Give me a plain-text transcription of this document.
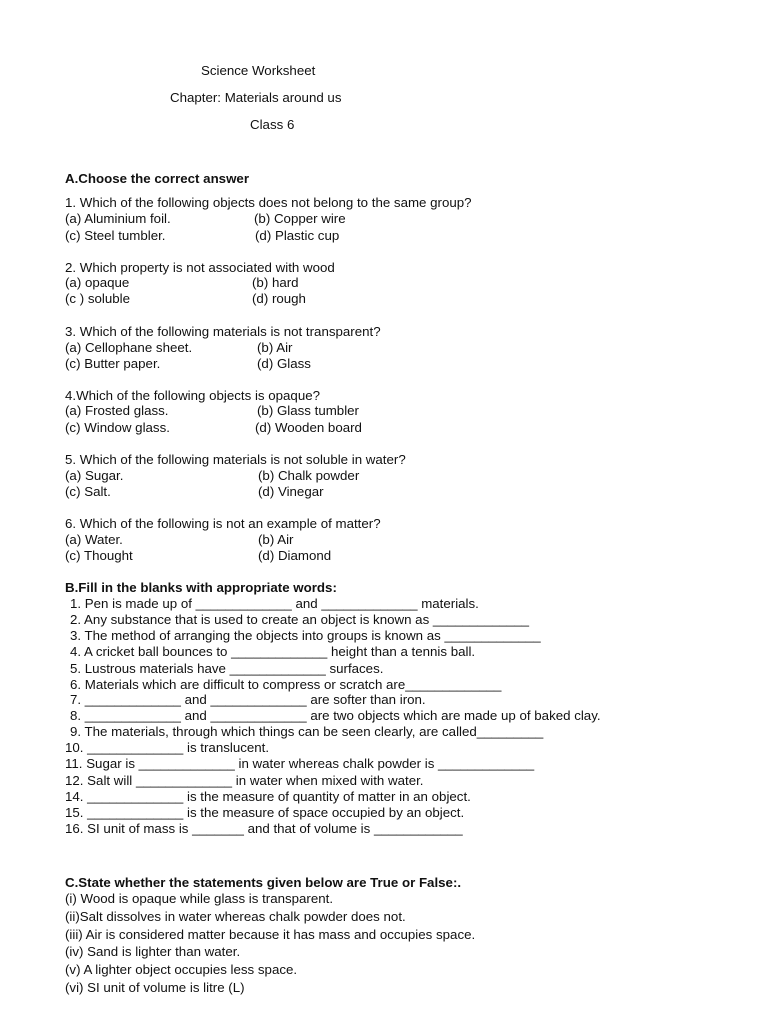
Science Worksheet
Chapter: Materials around us
Class 6
A.Choose the correct answer
1. Which of the following objects does not belong to the same group?
(a) Aluminium foil.	(b) Copper wire
(c) Steel tumbler.	(d) Plastic cup
2. Which property is not associated with wood
(a) opaque	(b) hard
(c ) soluble	(d) rough
3. Which of the following materials is not transparent?
(a) Cellophane sheet.	(b) Air
(c) Butter paper.	(d) Glass
4.Which of the following objects is opaque?
(a) Frosted glass.	(b) Glass tumbler
(c) Window glass.	(d) Wooden board
5. Which of the following materials is not soluble in water?
(a) Sugar.	(b) Chalk powder
(c) Salt.	(d) Vinegar
6. Which of the following is not an example of matter?
(a) Water.	(b) Air
(c) Thought	(d) Diamond
B.Fill in the blanks with appropriate words:
1. Pen is made up of _____________ and _____________ materials.
2. Any substance that is used to create an object is known as _____________
3. The method of arranging the objects into groups is known as _____________
4. A cricket ball bounces to _____________ height than a tennis ball.
5. Lustrous materials have _____________ surfaces.
6. Materials which are difficult to compress or scratch are_____________
7. _____________ and _____________ are softer than iron.
8. _____________ and _____________ are two objects which are made up of baked clay.
9. The materials, through which things can be seen clearly, are called_________
10. _____________ is translucent.
11. Sugar is _____________ in water whereas chalk powder is _____________
12. Salt will _____________ in water when mixed with water.
14. _____________ is the measure of quantity of matter in an object.
15. _____________ is the measure of space occupied by an object.
16. SI unit of mass is _______ and that of volume is ____________
C.State whether the statements given below are True or False:.
(i) Wood is opaque while glass is transparent.
(ii)Salt dissolves in water whereas chalk powder does not.
(iii) Air is considered matter because it has mass and occupies space.
(iv) Sand is lighter than water.
(v) A lighter object occupies less space.
(vi) SI unit of volume is litre (L)
